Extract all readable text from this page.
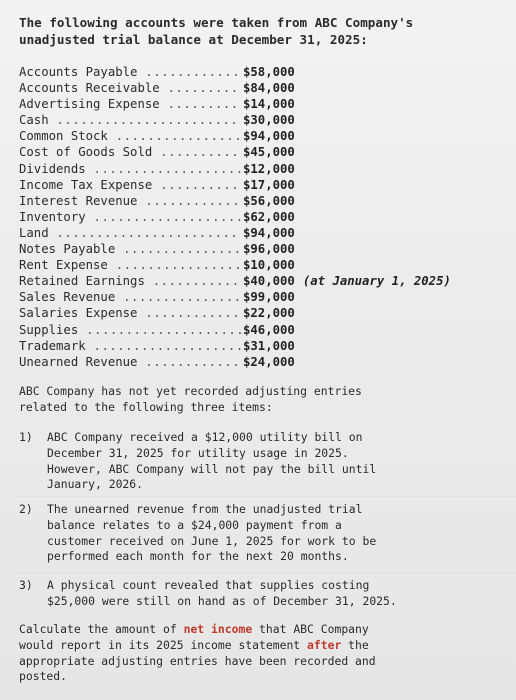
The following accounts were taken from ABC Company's
unadjusted trial balance at December 31, 2025:
Accounts Payable .....	$58,000
Accounts Receivable .....	$84,000
Advertising Expense .....	$14,000
Cash .....	$30,000
Common Stock .....	$94,000
Cost of Goods Sold .....	$45,000
Dividends .....	$12,000
Income Tax Expense .....	$17,000
Interest Revenue .....	$56,000
Inventory .....	$62,000
Land .....	$94,000
Notes Payable .....	$96,000
Rent Expense .....	$10,000
Retained Earnings .....	$40,000 (at January 1, 2025)
Sales Revenue .....	$99,000
Salaries Expense .....	$22,000
Supplies .....	$46,000
Trademark .....	$31,000
Unearned Revenue .....	$24,000
ABC Company has not yet recorded adjusting entries
related to the following three items:
1) ABC Company received a $12,000 utility bill on
December 31, 2025 for utility usage in 2025.
However, ABC Company will not pay the bill until
January, 2026.
2) The unearned revenue from the unadjusted trial
balance relates to a $24,000 payment from a
customer received on June 1, 2025 for work to be
performed each month for the next 20 months.
3) A physical count revealed that supplies costing
$25,000 were still on hand as of December 31, 2025.
Calculate the amount of net income that ABC Company
would report in its 2025 income statement after the
appropriate adjusting entries have been recorded and
posted.
